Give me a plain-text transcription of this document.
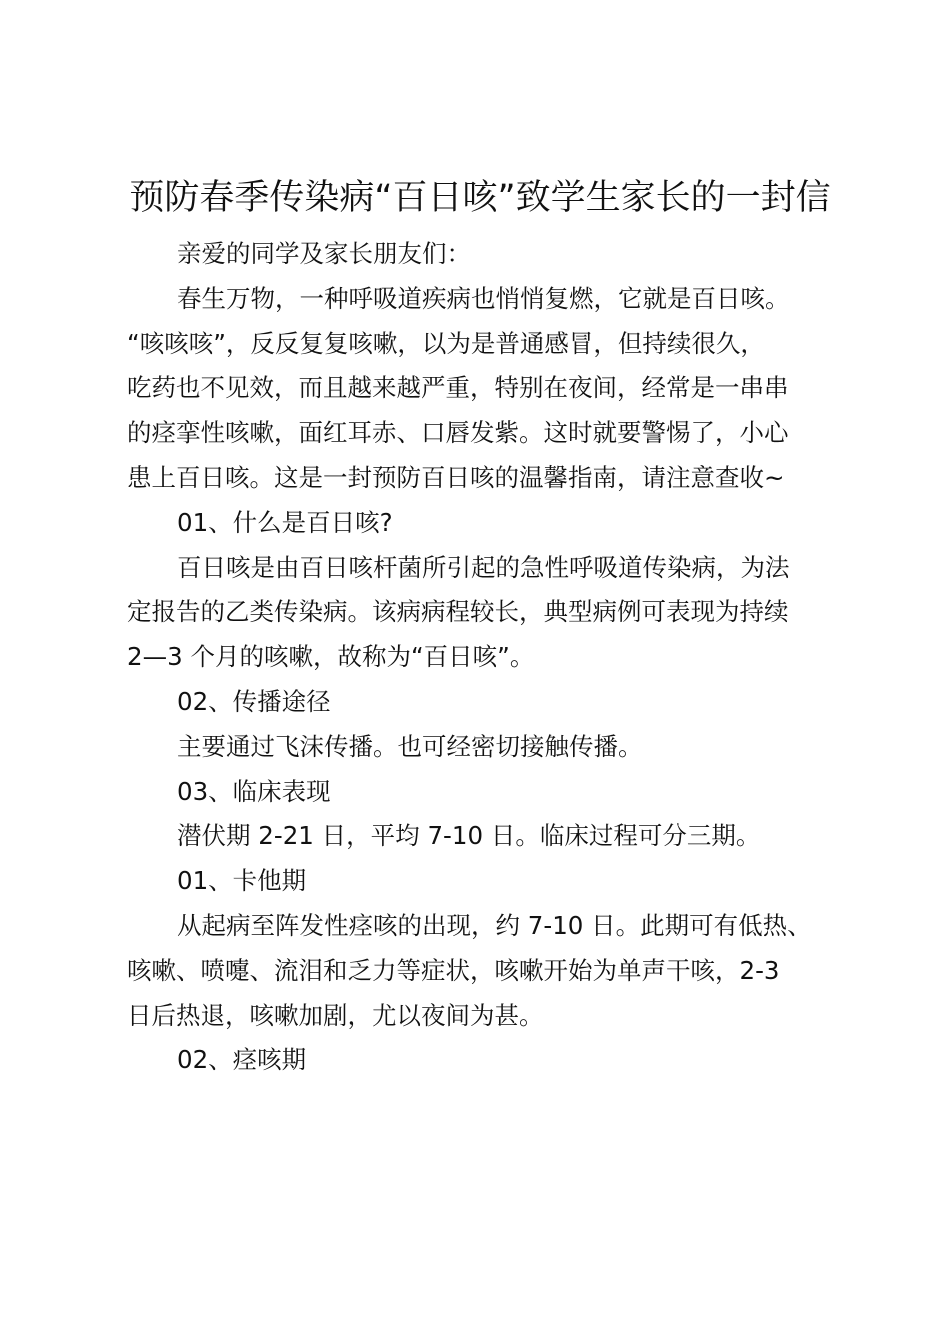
预防春季传染病“百日咳”致学生家长的一封信

亲爱的同学及家长朋友们：

春生万物，一种呼吸道疾病也悄悄复燃，它就是百日咳。
“咳咳咳”，反反复复咳嗽，以为是普通感冒，但持续很久，
吃药也不见效，而且越来越严重，特别在夜间，经常是一串串
的痉挛性咳嗽，面红耳赤、口唇发紫。这时就要警惕了，小心
患上百日咳。这是一封预防百日咳的温馨指南，请注意查收~

01、什么是百日咳?

百日咳是由百日咳杆菌所引起的急性呼吸道传染病，为法
定报告的乙类传染病。该病病程较长，典型病例可表现为持续
2—3 个月的咳嗽，故称为“百日咳”。

02、传播途径

主要通过飞沫传播。也可经密切接触传播。

03、临床表现

潜伏期 2-21 日，平均 7-10 日。临床过程可分三期。

01、卡他期

从起病至阵发性痉咳的出现，约 7-10 日。此期可有低热、
咳嗽、喷嚏、流泪和乏力等症状，咳嗽开始为单声干咳，2-3
日后热退，咳嗽加剧，尤以夜间为甚。

02、痉咳期
